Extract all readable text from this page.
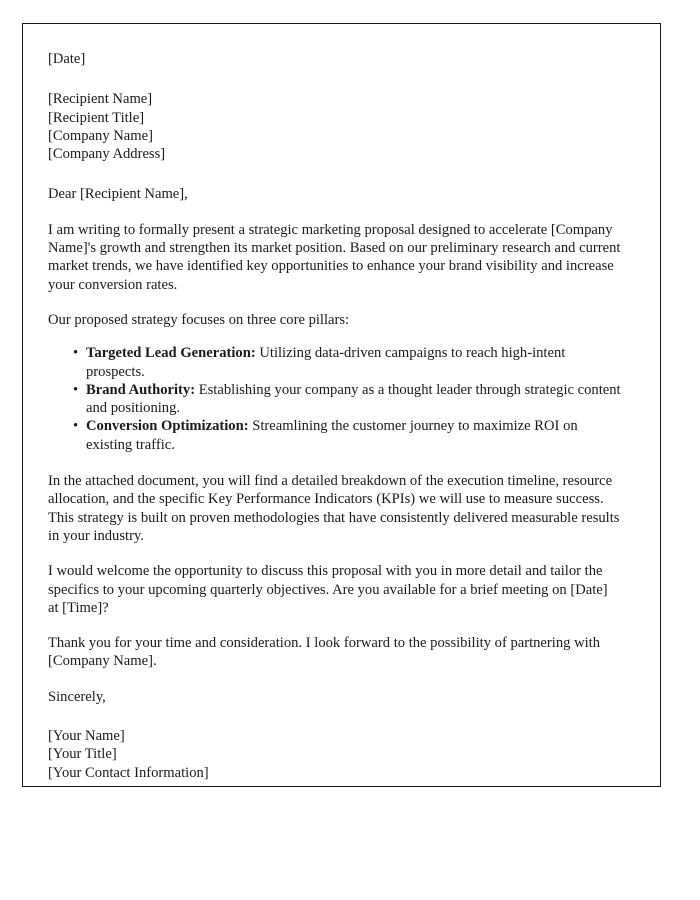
[Date]
[Recipient Name]
[Recipient Title]
[Company Name]
[Company Address]
Dear [Recipient Name],

I am writing to formally present a strategic marketing proposal designed to accelerate [Company Name]'s growth and strengthen its market position. Based on our preliminary research and current market trends, we have identified key opportunities to enhance your brand visibility and increase your conversion rates.

Our proposed strategy focuses on three core pillars:

• Targeted Lead Generation: Utilizing data-driven campaigns to reach high-intent prospects.
• Brand Authority: Establishing your company as a thought leader through strategic content and positioning.
• Conversion Optimization: Streamlining the customer journey to maximize ROI on existing traffic.

In the attached document, you will find a detailed breakdown of the execution timeline, resource allocation, and the specific Key Performance Indicators (KPIs) we will use to measure success. This strategy is built on proven methodologies that have consistently delivered measurable results in your industry.

I would welcome the opportunity to discuss this proposal with you in more detail and tailor the specifics to your upcoming quarterly objectives. Are you available for a brief meeting on [Date] at [Time]?

Thank you for your time and consideration. I look forward to the possibility of partnering with [Company Name].

Sincerely,
[Your Name]
[Your Title]
[Your Contact Information]
